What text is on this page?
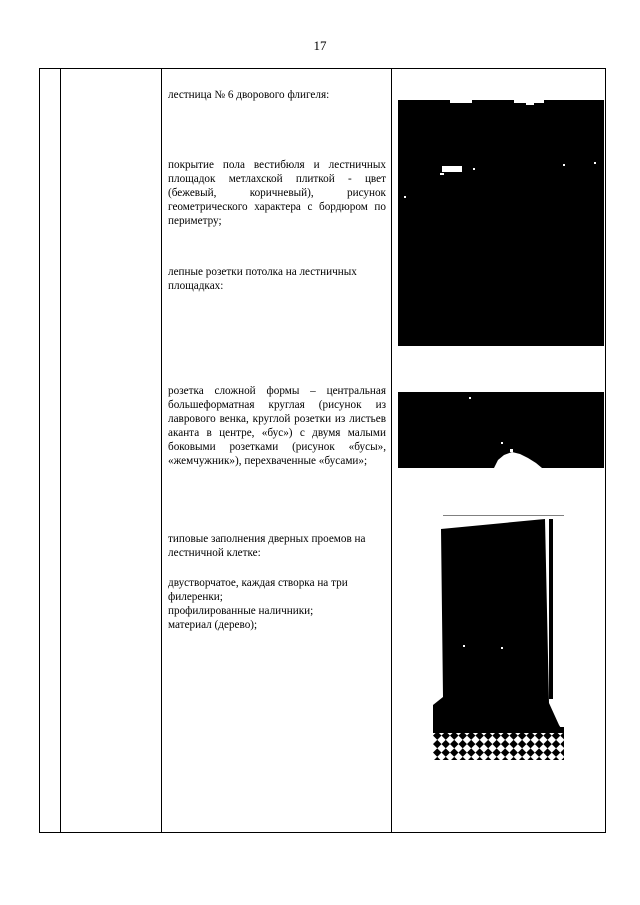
17
лестница № 6 дворового флигеля:
покрытие пола вестибюля и лестничных площадок метлахской плиткой - цвет (бежевый, коричневый), рисунок геометрического характера с бордюром по периметру;
лепные розетки потолка на лестничных площадках:
розетка сложной формы – центральная большеформатная круглая (рисунок из лаврового венка, круглой розетки из листьев аканта в центре, «бус») с двумя малыми боковыми розетками (рисунок «бусы», «жемчужник»), перехваченные «бусами»;
типовые заполнения дверных проемов на лестничной клетке:
двустворчатое, каждая створка на три филеренки;
профилированные наличники;
материал (дерево);
